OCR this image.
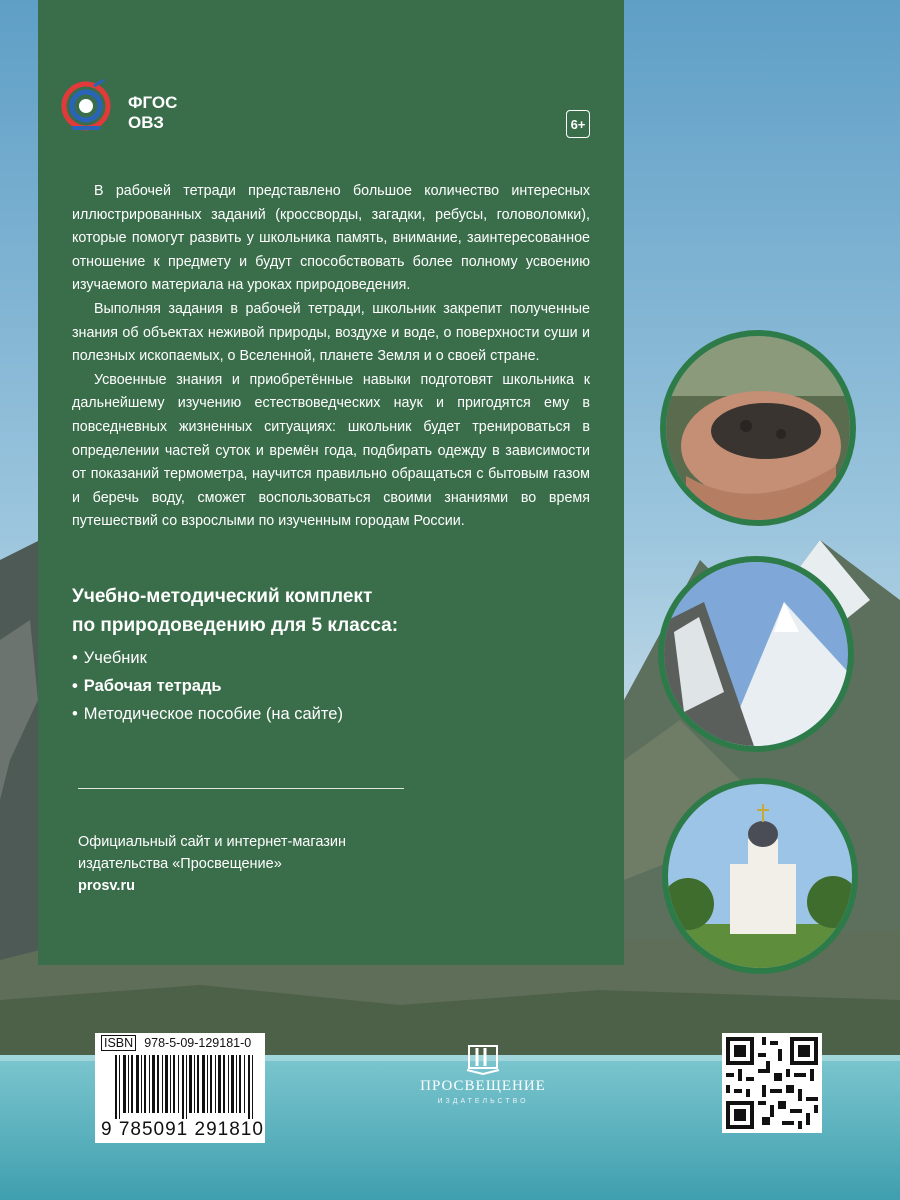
ФГОС
ОВЗ	6+

В рабочей тетради представлено большое количество интересных иллюстрированных заданий (кроссворды, загадки, ребусы, головоломки), которые помогут развить у школьника память, внимание, заинтересованное отношение к предмету и будут способствовать более полному усвоению изучаемого материала на уроках природоведения.

Выполняя задания в рабочей тетради, школьник закрепит полученные знания об объектах неживой природы, воздухе и воде, о поверхности суши и полезных ископаемых, о Вселенной, планете Земля и о своей стране.

Усвоенные знания и приобретённые навыки подготовят школьника к дальнейшему изучению естествоведческих наук и пригодятся ему в повседневных жизненных ситуациях: школьник будет тренироваться в определении частей суток и времён года, подбирать одежду в зависимости от показаний термометра, научится правильно обращаться с бытовым газом и беречь воду, сможет воспользоваться своими знаниями во время путешествий со взрослыми по изученным городам России.

Учебно-методический комплект
по природоведению для 5 класса:
• Учебник
• Рабочая тетрадь
• Методическое пособие (на сайте)
Официальный сайт и интернет-магазин
издательства «Просвещение»
prosv.ru
ISBN 978-5-09-129181-0
9 785091 291810
ПРОСВЕЩЕНИЕ
ИЗДАТЕЛЬСТВО
